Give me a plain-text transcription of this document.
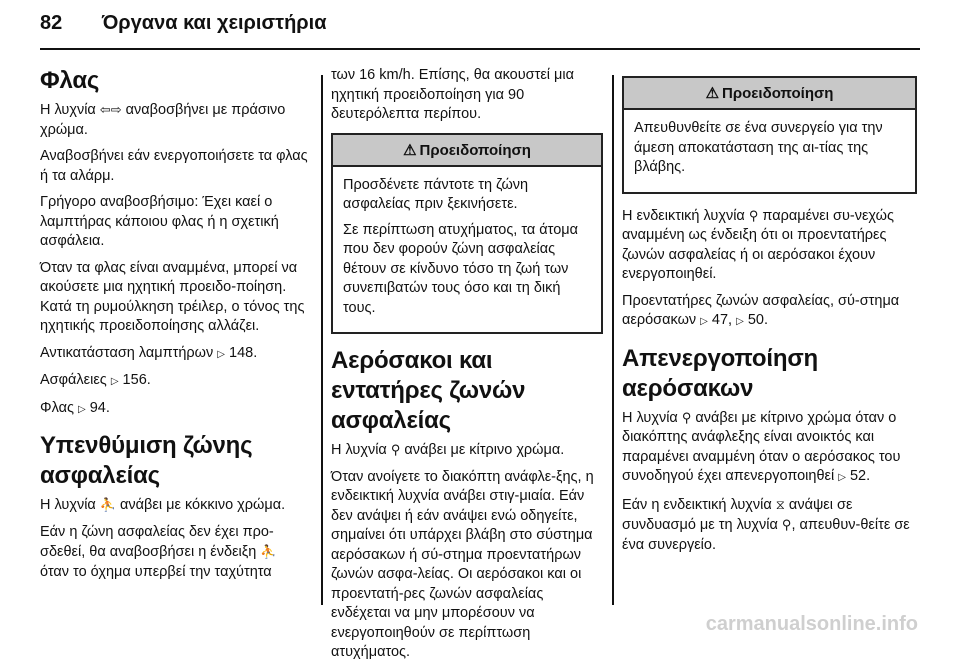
82 Όργανα και χειριστήρια
Φλας

Η λυχνία ⇦⇨ αναβοσβήνει με πράσινο χρώμα.

Αναβοσβήνει εάν ενεργοποιήσετε τα φλας ή τα αλάρμ.

Γρήγορο αναβοσβήσιμο: Έχει καεί ο λαμπτήρας κάποιου φλας ή η σχετική ασφάλεια.

Όταν τα φλας είναι αναμμένα, μπορεί να ακούσετε μια ηχητική προειδο-ποίηση. Κατά τη ρυμούλκηση τρέιλερ, ο τόνος της ηχητικής προειδοποίησης αλλάζει.

Αντικατάσταση λαμπτήρων ▷ 148.

Ασφάλειες ▷ 156.

Φλας ▷ 94.

Υπενθύμιση ζώνης ασφαλείας

Η λυχνία ⛹ ανάβει με κόκκινο χρώμα.

Εάν η ζώνη ασφαλείας δεν έχει προ-σδεθεί, θα αναβοσβήσει η ένδειξη ⛹ όταν το όχημα υπερβεί την ταχύτητα

των 16 km/h. Επίσης, θα ακουστεί μια ηχητική προειδοποίηση για 90 δευτερόλεπτα περίπου.

⚠ Προειδοποίηση

Προσδένετε πάντοτε τη ζώνη ασφαλείας πριν ξεκινήσετε.

Σε περίπτωση ατυχήματος, τα άτομα που δεν φορούν ζώνη ασφαλείας θέτουν σε κίνδυνο τόσο τη ζωή των συνεπιβατών τους όσο και τη δική τους.

Αερόσακοι και εντατήρες ζωνών ασφαλείας

Η λυχνία ⚲ ανάβει με κίτρινο χρώμα.

Όταν ανοίγετε το διακόπτη ανάφλε-ξης, η ενδεικτική λυχνία ανάβει στιγ-μιαία. Εάν δεν ανάψει ή εάν ανάψει ενώ οδηγείτε, σημαίνει ότι υπάρχει βλάβη στο σύστημα αερόσακων ή σύ-στημα προεντατήρων ζωνών ασφα-λείας. Οι αερόσακοι και οι προεντατή-ρες ζωνών ασφαλείας ενδέχεται να μην μπορέσουν να ενεργοποιηθούν σε περίπτωση ατυχήματος.

⚠ Προειδοποίηση

Απευθυνθείτε σε ένα συνεργείο για την άμεση αποκατάσταση της αι-τίας της βλάβης.

Η ενδεικτική λυχνία ⚲ παραμένει συ-νεχώς αναμμένη ως ένδειξη ότι οι προεντατήρες ζωνών ασφαλείας ή οι αερόσακοι έχουν ενεργοποιηθεί.

Προεντατήρες ζωνών ασφαλείας, σύ-στημα αερόσακων ▷ 47, ▷ 50.

Απενεργοποίηση αερόσακων

Η λυχνία ⚲ ανάβει με κίτρινο χρώμα όταν ο διακόπτης ανάφλεξης είναι ανοικτός και παραμένει αναμμένη όταν ο αερόσακος του συνοδηγού έχει απενεργοποιηθεί ▷ 52.

Εάν η ενδεικτική λυχνία ⧖ ανάψει σε συνδυασμό με τη λυχνία ⚲, απευθυν-θείτε σε ένα συνεργείο.

carmanualsonline.info
